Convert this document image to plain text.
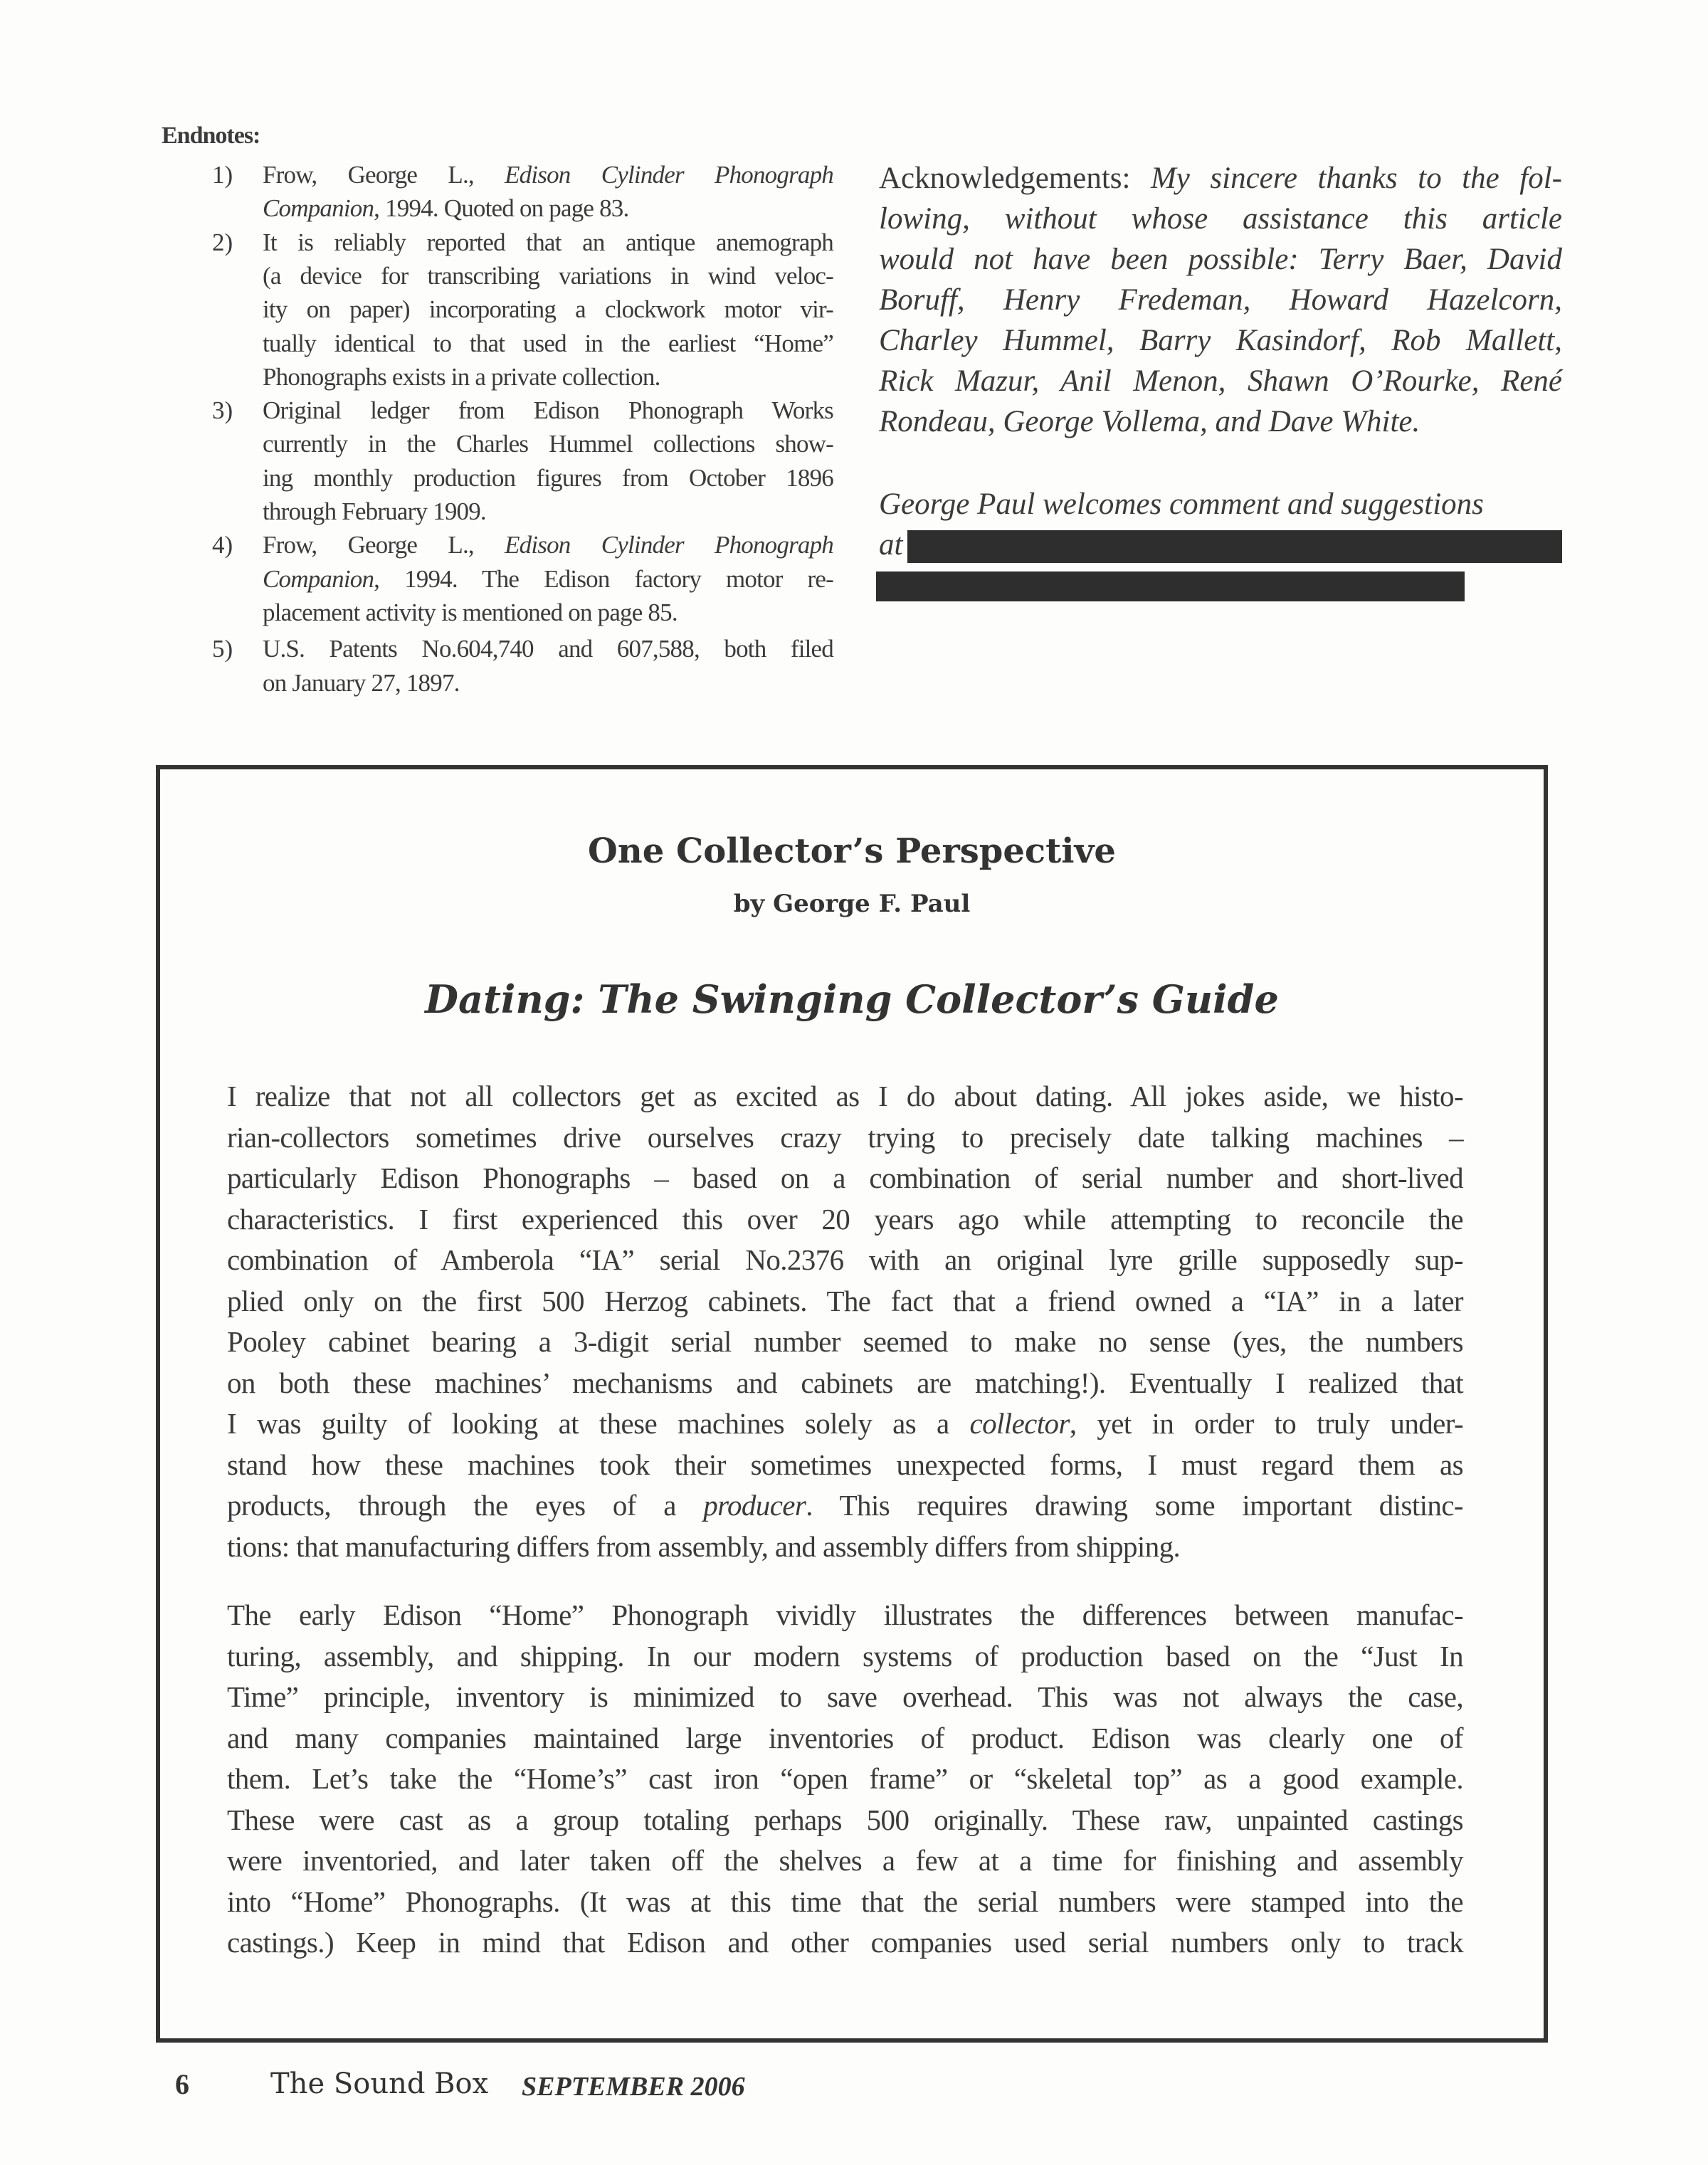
Endnotes:
1) Frow, George L., Edison Cylinder Phonograph
Companion, 1994. Quoted on page 83.
2) It is reliably reported that an antique anemograph
(a device for transcribing variations in wind veloc-
ity on paper) incorporating a clockwork motor vir-
tually identical to that used in the earliest “Home”
Phonographs exists in a private collection.
3) Original ledger from Edison Phonograph Works
currently in the Charles Hummel collections show-
ing monthly production figures from October 1896
through February 1909.
4) Frow, George L., Edison Cylinder Phonograph
Companion, 1994. The Edison factory motor re-
placement activity is mentioned on page 85.
5) U.S. Patents No.604,740 and 607,588, both filed
on January 27, 1897.
George Paul welcomes comment and suggestions
at
Acknowledgements: My sincere thanks to the fol-
lowing, without whose assistance this article
would not have been possible: Terry Baer, David
Boruff, Henry Fredeman, Howard Hazelcorn,
Charley Hummel, Barry Kasindorf, Rob Mallett,
Rick Mazur, Anil Menon, Shawn O’Rourke, René
Rondeau, George Vollema, and Dave White.
One Collector’s Perspective
by George F. Paul
Dating: The Swinging Collector’s Guide
I realize that not all collectors get as excited as I do about dating. All jokes aside, we histo-
rian-collectors sometimes drive ourselves crazy trying to precisely date talking machines –
particularly Edison Phonographs – based on a combination of serial number and short-lived
characteristics. I first experienced this over 20 years ago while attempting to reconcile the
combination of Amberola “IA” serial No.2376 with an original lyre grille supposedly sup-
plied only on the first 500 Herzog cabinets. The fact that a friend owned a “IA” in a later
Pooley cabinet bearing a 3-digit serial number seemed to make no sense (yes, the numbers
on both these machines’ mechanisms and cabinets are matching!). Eventually I realized that
I was guilty of looking at these machines solely as a collector, yet in order to truly under-
stand how these machines took their sometimes unexpected forms, I must regard them as
products, through the eyes of a producer. This requires drawing some important distinc-
tions: that manufacturing differs from assembly, and assembly differs from shipping.
The early Edison “Home” Phonograph vividly illustrates the differences between manufac-
turing, assembly, and shipping. In our modern systems of production based on the “Just In
Time” principle, inventory is minimized to save overhead. This was not always the case,
and many companies maintained large inventories of product. Edison was clearly one of
them. Let’s take the “Home’s” cast iron “open frame” or “skeletal top” as a good example.
These were cast as a group totaling perhaps 500 originally. These raw, unpainted castings
were inventoried, and later taken off the shelves a few at a time for finishing and assembly
into “Home” Phonographs. (It was at this time that the serial numbers were stamped into the
castings.) Keep in mind that Edison and other companies used serial numbers only to track
6	The Sound Box SEPTEMBER 2006
